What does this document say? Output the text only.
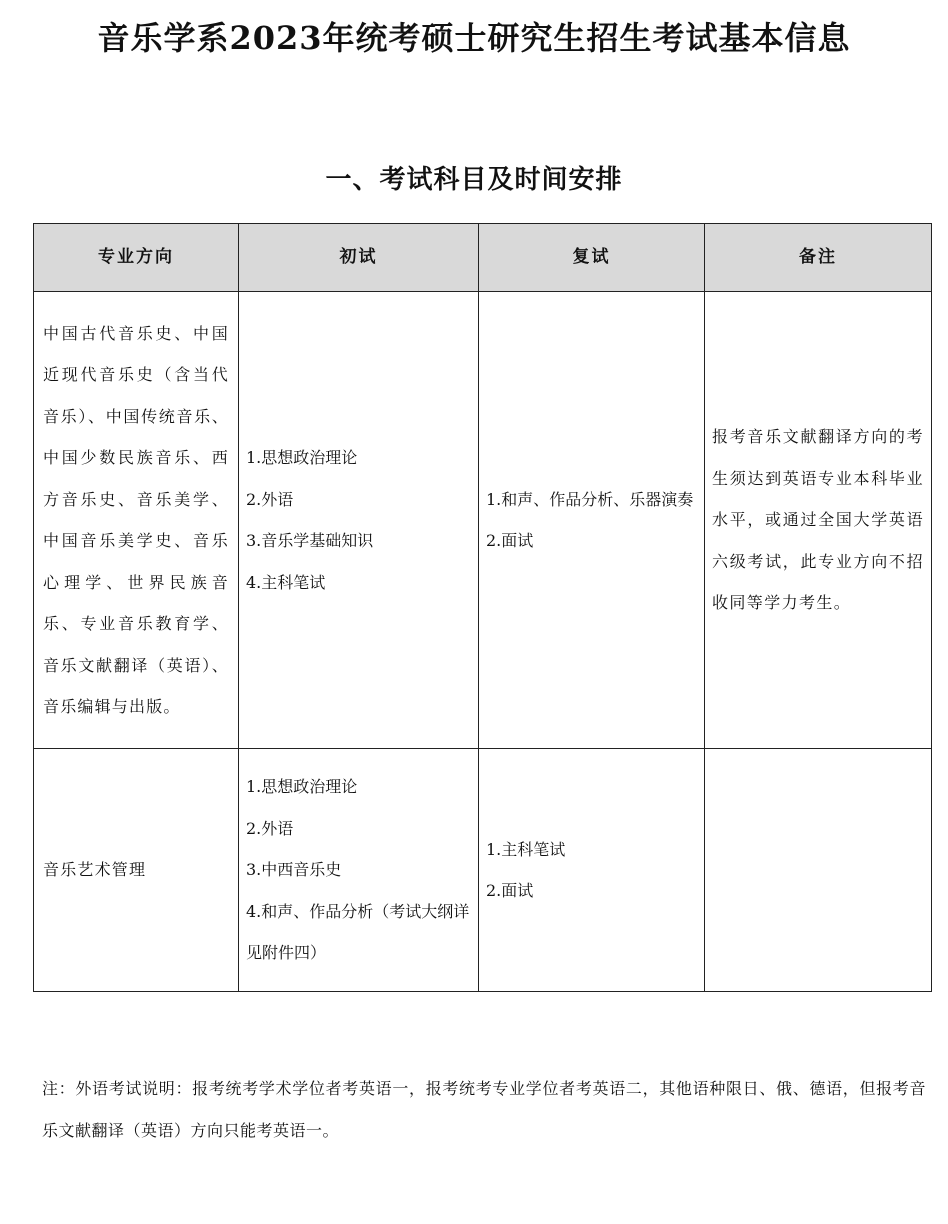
音乐学系2023年统考硕士研究生招生考试基本信息
一、考试科目及时间安排
专业方向	初试	复试	备注
中国古代音乐史、中国近现代音乐史（含当代音乐）、中国传统音乐、中国少数民族音乐、西方音乐史、音乐美学、中国音乐美学史、音乐心理学、世界民族音乐、专业音乐教育学、音乐文献翻译（英语）、音乐编辑与出版。	1.思想政治理论
2.外语
3.音乐学基础知识
4.主科笔试	1.和声、作品分析、乐器演奏
2.面试	报考音乐文献翻译方向的考生须达到英语专业本科毕业水平，或通过全国大学英语六级考试，此专业方向不招收同等学力考生。
音乐艺术管理	1.思想政治理论
2.外语
3.中西音乐史
4.和声、作品分析（考试大纲详见附件四）	1.主科笔试
2.面试	

注：外语考试说明：报考统考学术学位者考英语一，报考统考专业学位者考英语二，其他语种限日、俄、德语，但报考音乐文献翻译（英语）方向只能考英语一。
